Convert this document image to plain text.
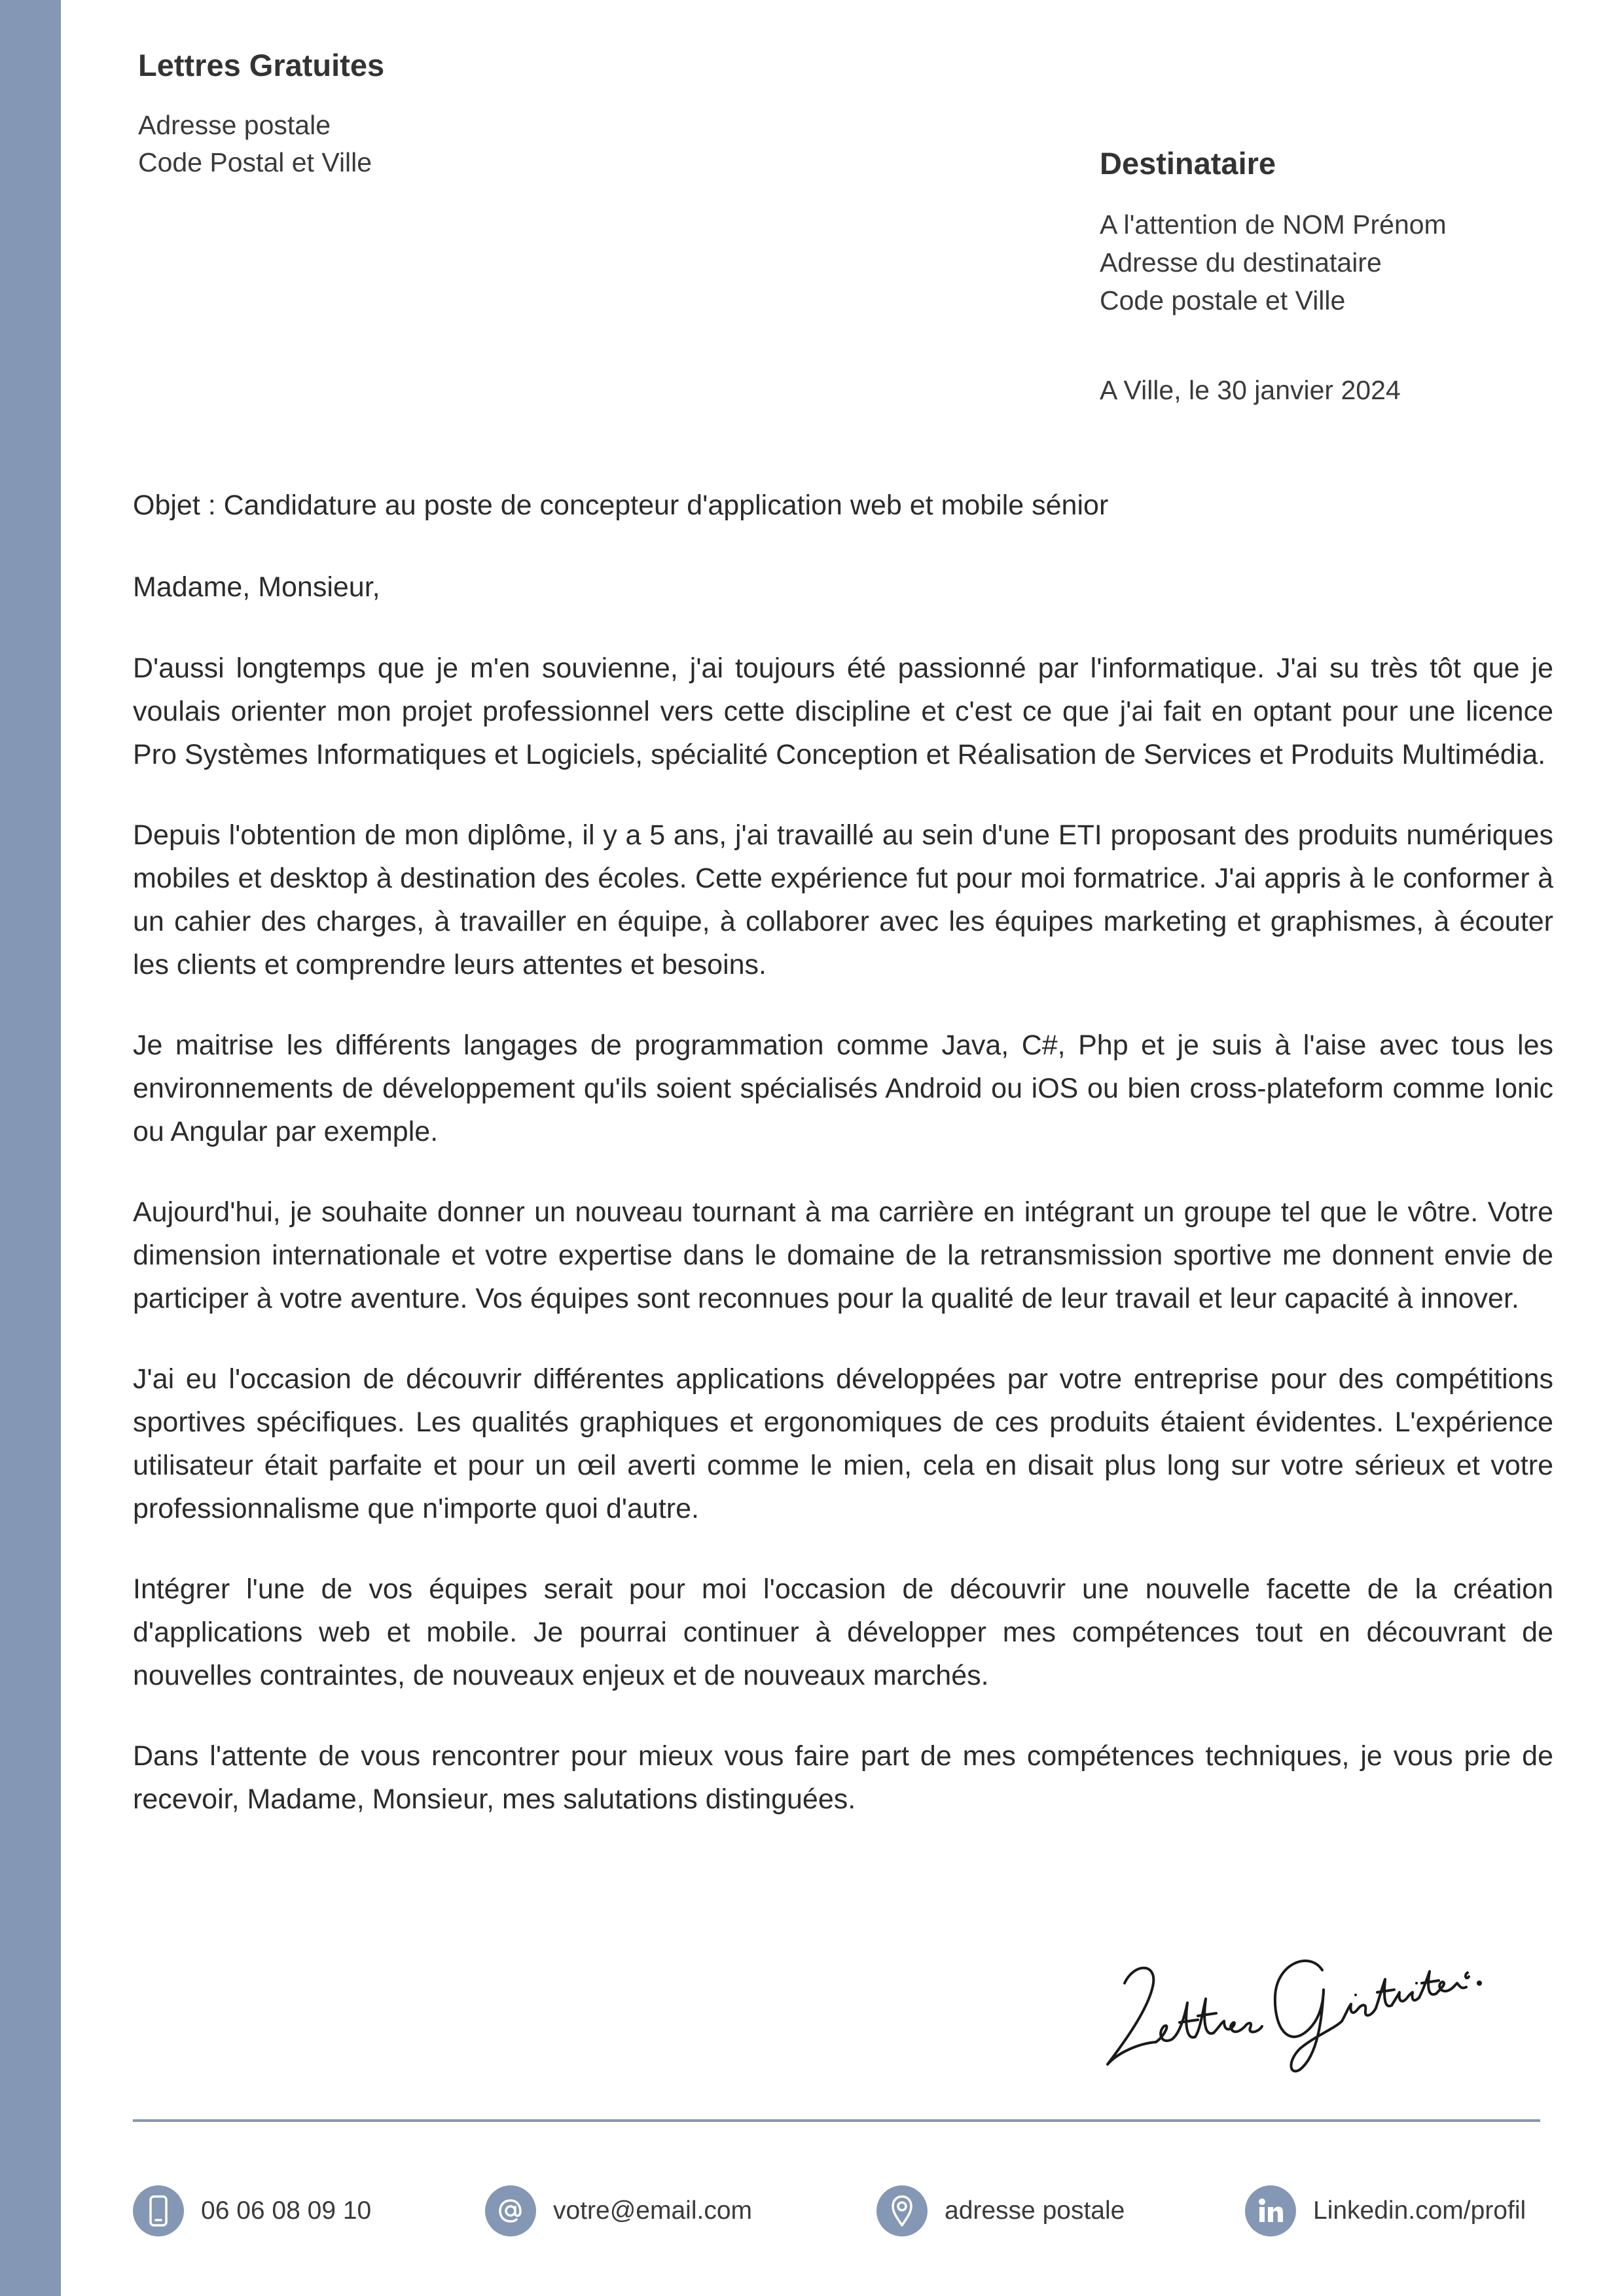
Lettres Gratuites
Adresse postale
Code Postal et Ville	Destinataire
A l'attention de NOM Prénom
Adresse du destinataire
Code postale et Ville
A Ville, le 30 janvier 2024
Objet : Candidature au poste de concepteur d'application web et mobile sénior
Madame, Monsieur,

D'aussi longtemps que je m'en souvienne, j'ai toujours été passionné par l'informatique. J'ai su très tôt que je voulais orienter mon projet professionnel vers cette discipline et c'est ce que j'ai fait en optant pour une licence Pro Systèmes Informatiques et Logiciels, spécialité Conception et Réalisation de Services et Produits Multimédia.

Depuis l'obtention de mon diplôme, il y a 5 ans, j'ai travaillé au sein d'une ETI proposant des produits numériques mobiles et desktop à destination des écoles. Cette expérience fut pour moi formatrice. J'ai appris à le conformer à un cahier des charges, à travailler en équipe, à collaborer avec les équipes marketing et graphismes, à écouter les clients et comprendre leurs attentes et besoins.

Je maitrise les différents langages de programmation comme Java, C#, Php et je suis à l'aise avec tous les environnements de développement qu'ils soient spécialisés Android ou iOS ou bien cross-plateform comme Ionic ou Angular par exemple.

Aujourd'hui, je souhaite donner un nouveau tournant à ma carrière en intégrant un groupe tel que le vôtre. Votre dimension internationale et votre expertise dans le domaine de la retransmission sportive me donnent envie de participer à votre aventure. Vos équipes sont reconnues pour la qualité de leur travail et leur capacité à innover.

J'ai eu l'occasion de découvrir différentes applications développées par votre entreprise pour des compétitions sportives spécifiques. Les qualités graphiques et ergonomiques de ces produits étaient évidentes. L'expérience utilisateur était parfaite et pour un œil averti comme le mien, cela en disait plus long sur votre sérieux et votre professionnalisme que n'importe quoi d'autre.

Intégrer l'une de vos équipes serait pour moi l'occasion de découvrir une nouvelle facette de la création d'applications web et mobile. Je pourrai continuer à développer mes compétences tout en découvrant de nouvelles contraintes, de nouveaux enjeux et de nouveaux marchés.

Dans l'attente de vous rencontrer pour mieux vous faire part de mes compétences techniques, je vous prie de recevoir, Madame, Monsieur, mes salutations distinguées.

06 06 08 09 10	votre@email.com	adresse postale	Linkedin.com/profil
